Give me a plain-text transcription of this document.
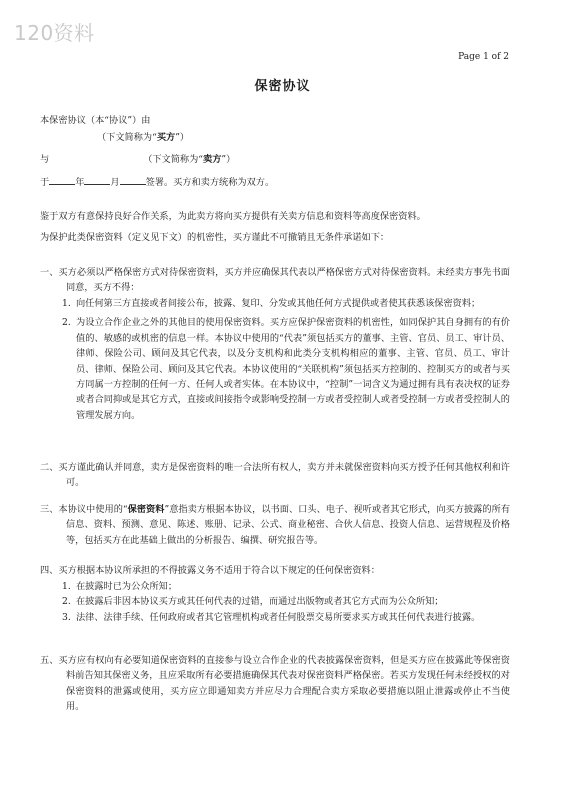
120资料
Page 1 of 2
保密协议
本保密协议（本“协议”）由
（下文简称为“买方”）
与	（下文简称为“卖方”）
于	年	月	签署。买方和卖方统称为双方。
鉴于双方有意保持良好合作关系，为此卖方将向买方提供有关卖方信息和资料等高度保密资料。
为保护此类保密资料（定义见下文）的机密性，买方谨此不可撤销且无条件承诺如下：
一、买方必须以严格保密方式对待保密资料，买方并应确保其代表以严格保密方式对待保密资料。未经卖方事先书面同意，买方不得：
1. 向任何第三方直接或者间接公布，披露、复印、分发或其他任何方式提供或者使其获悉该保密资料；
2. 为设立合作企业之外的其他目的使用保密资料。买方应保护保密资料的机密性，如同保护其自身拥有的有价值的、敏感的或机密的信息一样。本协议中使用的“代表”须包括买方的董事、主管、官员、员工、审计员、律师、保险公司、顾问及其它代表，以及分支机构和此类分支机构相应的董事、主管、官员、员工、审计员、律师、保险公司、顾问及其它代表。本协议使用的“关联机构”须包括买方控制的、控制买方的或者与买方同属一方控制的任何一方、任何人或者实体。在本协议中，“控制”一词含义为通过拥有具有表决权的证券或者合同抑或是其它方式，直接或间接指令或影响受控制一方或者受控制人或者受控制一方或者受控制人的管理发展方向。
二、买方谨此确认并同意，卖方是保密资料的唯一合法所有权人，卖方并未就保密资料向买方授予任何其他权利和许可。
三、本协议中使用的“保密资料”意指卖方根据本协议，以书面、口头、电子、视听或者其它形式，向买方披露的所有信息、资料、预测、意见、陈述、账册、记录、公式、商业秘密、合伙人信息、投资人信息、运营规程及价格等，包括买方在此基础上做出的分析报告、编撰、研究报告等。
四、买方根据本协议所承担的不得披露义务不适用于符合以下规定的任何保密资料：
1. 在披露时已为公众所知；
2. 在披露后非因本协议买方或其任何代表的过错，而通过出版物或者其它方式而为公众所知；
3. 法律、法律手续、任何政府或者其它管理机构或者任何股票交易所要求买方或其任何代表进行披露。
五、买方应有权向有必要知道保密资料的直接参与设立合作企业的代表披露保密资料，但是买方应在披露此等保密资料前告知其保密义务，且应采取所有必要措施确保其代表对保密资料严格保密。若买方发现任何未经授权的对保密资料的泄露或使用，买方应立即通知卖方并应尽力合理配合卖方采取必要措施以阻止泄露或停止不当使用。
